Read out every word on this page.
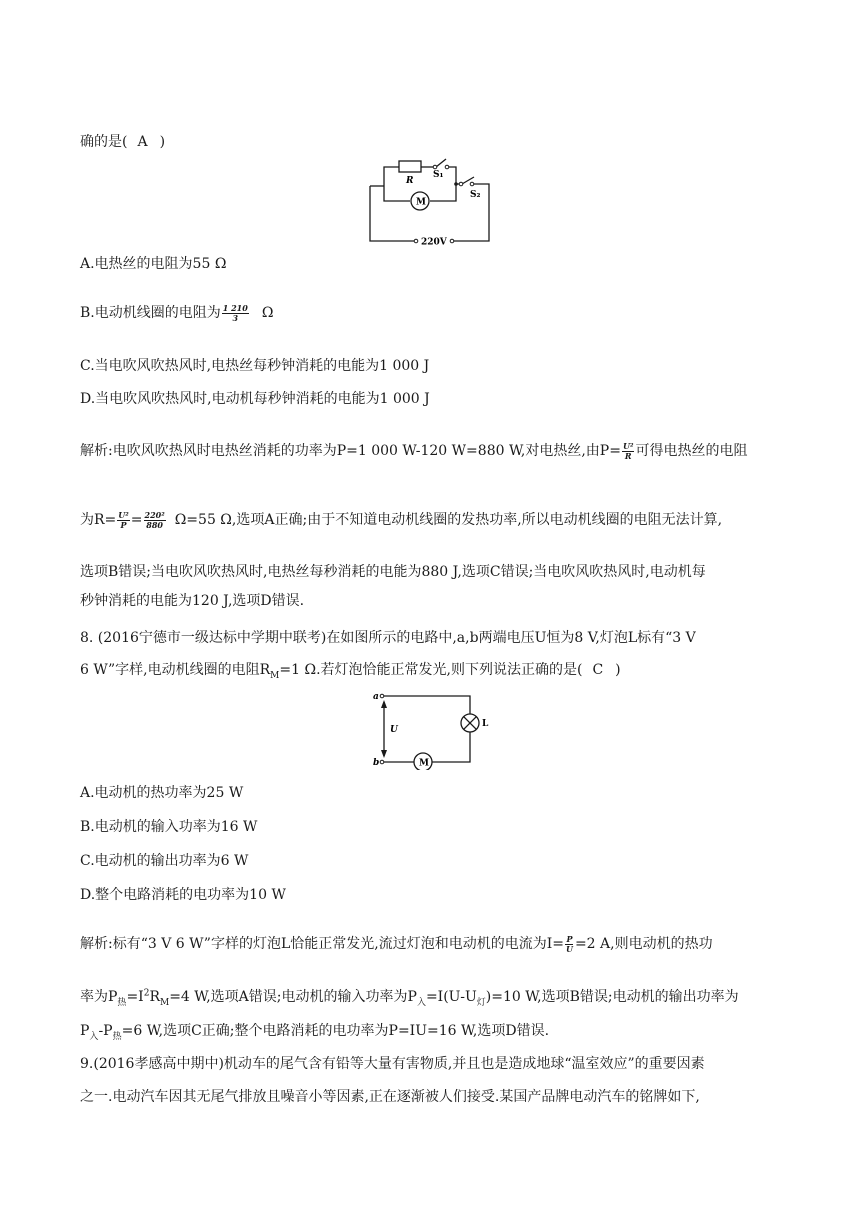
确的是( A )
R
S₁
S₂
M
220V
A.电热丝的电阻为55 Ω
B.电动机线圈的电阻为 $\frac{1 210}{3}$ Ω
C.当电吹风吹热风时,电热丝每秒钟消耗的电能为1 000 J
D.当电吹风吹热风时,电动机每秒钟消耗的电能为1 000 J
解析:电吹风吹热风时电热丝消耗的功率为P=1 000 W-120 W=880 W,对电热丝,由$P= \frac{\text{U²}}{R}$ 可得电热丝的电阻
为$R= \frac{\text{U²}}{P} = \frac{\text{220²}}{880} \Omega=55$ Ω,选项A正确;由于不知道电动机线圈的发热功率,所以电动机线圈的电阻无法计算,
选项B错误;当电吹风吹热风时,电热丝每秒消耗的电能为880 J,选项C错误;当电吹风吹热风时,电动机每
秒钟消耗的电能为120 J,选项D错误.
8. (2016宁德市一级达标中学期中联考)在如图所示的电路中,a,b两端电压U恒为8 V,灯泡L标有“3 V
6 W”字样,电动机线圈的电阻$R_M=1$ Ω.若灯泡恰能正常发光,则下列说法正确的是( C )
a
b
U
L
M
A.电动机的热功率为25 W
B.电动机的输入功率为16 W
C.电动机的输出功率为6 W
D.整个电路消耗的电功率为10 W
解析:标有“3 V 6 W”字样的灯泡L恰能正常发光,流过灯泡和电动机的电流为$I= \frac{P}{U} =2$ A,则电动机的热功
率为$P_热=I^2R_M=4$ W,选项A错误;电动机的输入功率为$P_入=I(U-U_灯)=10$ W,选项B错误;电动机的输出功率为
$P_入-P_热=6$ W,选项C正确;整个电路消耗的电功率为P=IU=16 W,选项D错误.
9.(2016孝感高中期中)机动车的尾气含有铅等大量有害物质,并且也是造成地球“温室效应”的重要因素
之一.电动汽车因其无尾气排放且噪音小等因素,正在逐渐被人们接受.某国产品牌电动汽车的铭牌如下,
